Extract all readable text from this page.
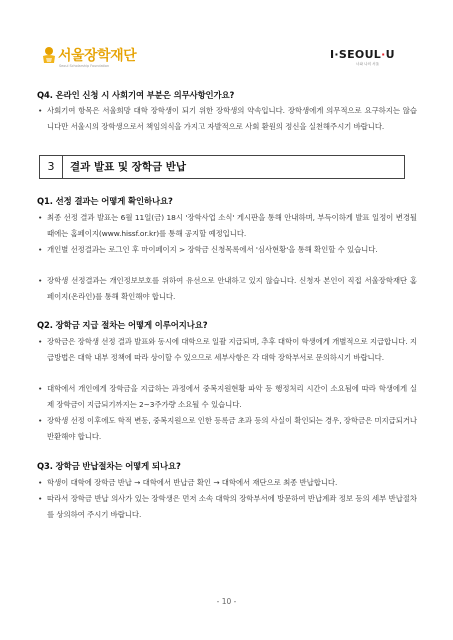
서울장학재단
Seoul Scholarship Foundation
I·SEOUL·U
너와 나의 서울
Q4. 온라인 신청 시 사회기여 부분은 의무사항인가요?
• 사회기여 항목은 서울희망 대학 장학생이 되기 위한 장학생의 약속입니다. 장학생에게 의무적으로 요구하지는 않습니다만 서울시의 장학생으로서 책임의식을 가지고 자발적으로 사회 환원의 정신을 실천해주시기 바랍니다.
3	결과 발표 및 장학금 반납
Q1. 선정 결과는 어떻게 확인하나요?
• 최종 선정 결과 발표는 6월 11일(금) 18시 '장학사업 소식' 게시판을 통해 안내하며, 부득이하게 발표 일정이 변경될 때에는 홈페이지(www.hissf.or.kr)를 통해 공지할 예정입니다.
• 개인별 선정결과는 로그인 후 마이페이지 > 장학금 신청목록에서 '심사현황'을 통해 확인할 수 있습니다.
• 장학생 선정결과는 개인정보보호를 위하여 유선으로 안내하고 있지 않습니다. 신청자 본인이 직접 서울장학재단 홈페이지(온라인)를 통해 확인해야 합니다.
Q2. 장학금 지급 절차는 어떻게 이루어지나요?
• 장학금은 장학생 선정 결과 발표와 동시에 대학으로 일괄 지급되며, 추후 대학이 학생에게 개별적으로 지급합니다. 지급방법은 대학 내부 정책에 따라 상이할 수 있으므로 세부사항은 각 대학 장학부서로 문의하시기 바랍니다.
• 대학에서 개인에게 장학금을 지급하는 과정에서 중복지원현황 파악 등 행정처리 시간이 소요됨에 따라 학생에게 실제 장학금이 지급되기까지는 2~3주가량 소요될 수 있습니다.
• 장학생 선정 이후에도 학적 변동, 중복지원으로 인한 등록금 초과 등의 사실이 확인되는 경우, 장학금은 미지급되거나 반환해야 합니다.
Q3. 장학금 반납절차는 어떻게 되나요?
• 학생이 대학에 장학금 반납 → 대학에서 반납금 확인 → 대학에서 재단으로 최종 반납합니다.
• 따라서 장학금 반납 의사가 있는 장학생은 먼저 소속 대학의 장학부서에 방문하여 반납계좌 정보 등의 세부 반납절차를 상의하여 주시기 바랍니다.
- 10 -
